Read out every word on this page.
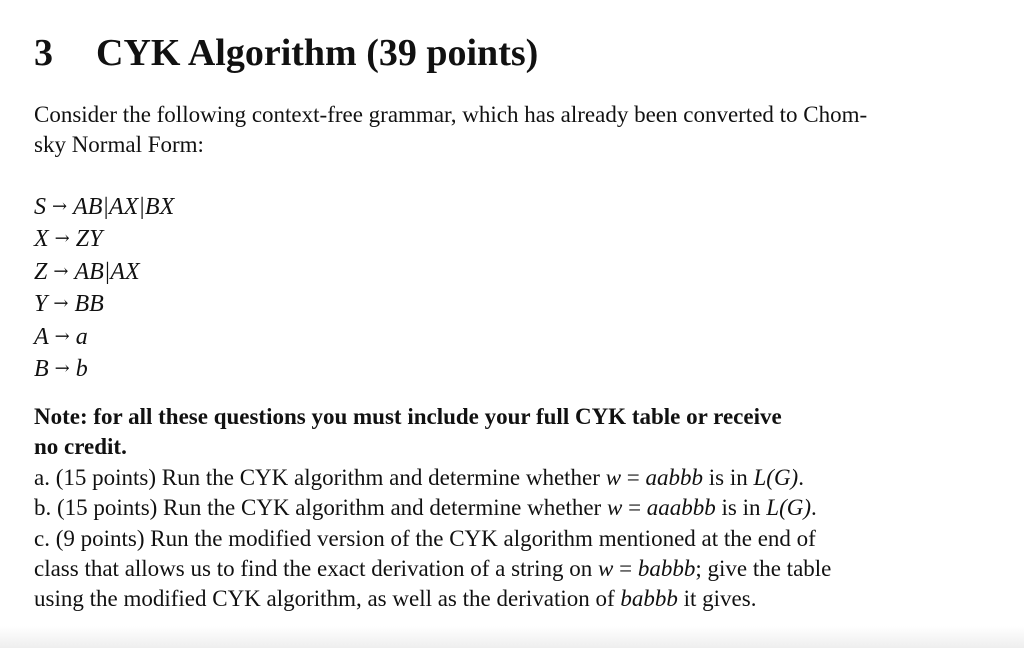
3 CYK Algorithm (39 points)

Consider the following context-free grammar, which has already been converted to Chom-
sky Normal Form:

S → AB|AX|BX
X → ZY
Z → AB|AX
Y → BB
A → a
B → b
Note: for all these questions you must include your full CYK table or receive
no credit.
a. (15 points) Run the CYK algorithm and determine whether w = aabbb is in L(G).
b. (15 points) Run the CYK algorithm and determine whether w = aaabbb is in L(G).
c. (9 points) Run the modified version of the CYK algorithm mentioned at the end of
class that allows us to find the exact derivation of a string on w = babbb; give the table
using the modified CYK algorithm, as well as the derivation of babbb it gives.
